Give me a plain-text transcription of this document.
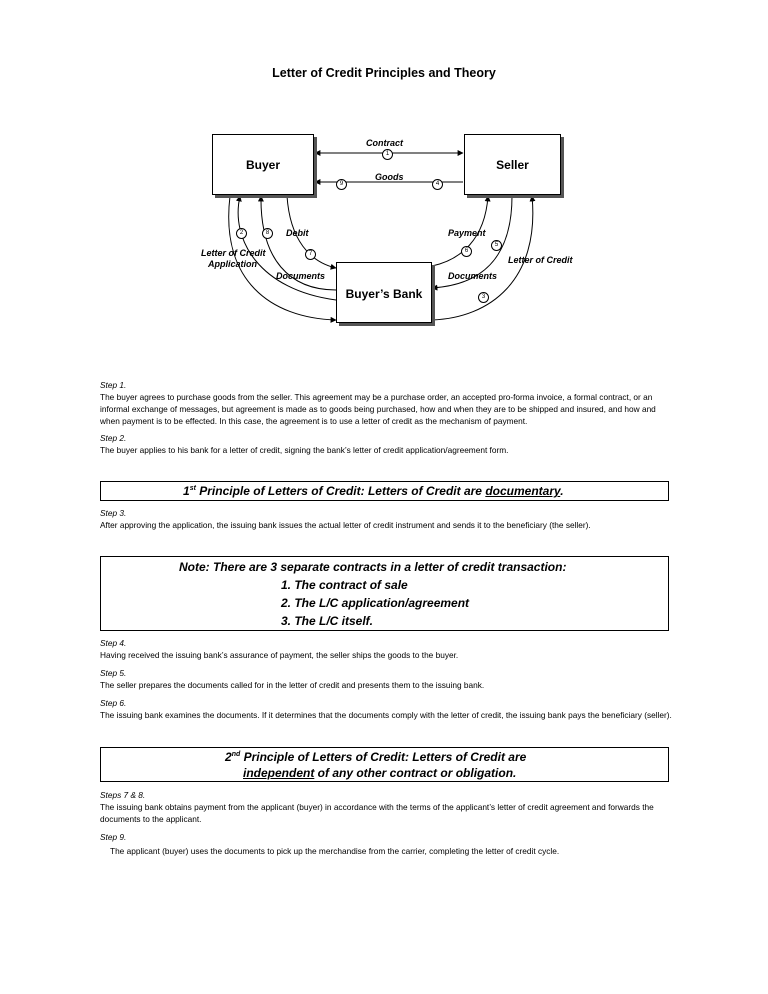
Letter of Credit Principles and Theory
Buyer	Seller
Buyer’s Bank
Contract
Goods
Debit	Payment
Letter of Credit
Application	Letter of Credit
Documents	Documents
1
9	4
2	8
7	6
5
3

Step 1.

The buyer agrees to purchase goods from the seller. This agreement may be a purchase order, an accepted pro-forma invoice, a formal contract, or an informal exchange of messages, but agreement is made as to goods being purchased, how and when they are to be shipped and insured, and how and when payment is to be effected. In this case, the agreement is to use a letter of credit as the mechanism of payment.

Step 2.

The buyer applies to his bank for a letter of credit, signing the bank’s letter of credit application/agreement form.

1st Principle of Letters of Credit: Letters of Credit are documentary.

Step 3.

After approving the application, the issuing bank issues the actual letter of credit instrument and sends it to the beneficiary (the seller).

Note: There are 3 separate contracts in a letter of credit transaction:
1. The contract of sale
2. The L/C application/agreement
3. The L/C itself.

Step 4.

Having received the issuing bank’s assurance of payment, the seller ships the goods to the buyer.

Step 5.

The seller prepares the documents called for in the letter of credit and presents them to the issuing bank.

Step 6.

The issuing bank examines the documents. If it determines that the documents comply with the letter of credit, the issuing bank pays the beneficiary (seller).

2nd Principle of Letters of Credit: Letters of Credit are
independent of any other contract or obligation.

Steps 7 & 8.

The issuing bank obtains payment from the applicant (buyer) in accordance with the terms of the applicant’s letter of credit agreement and forwards the documents to the applicant.

Step 9.

The applicant (buyer) uses the documents to pick up the merchandise from the carrier, completing the letter of credit cycle.
